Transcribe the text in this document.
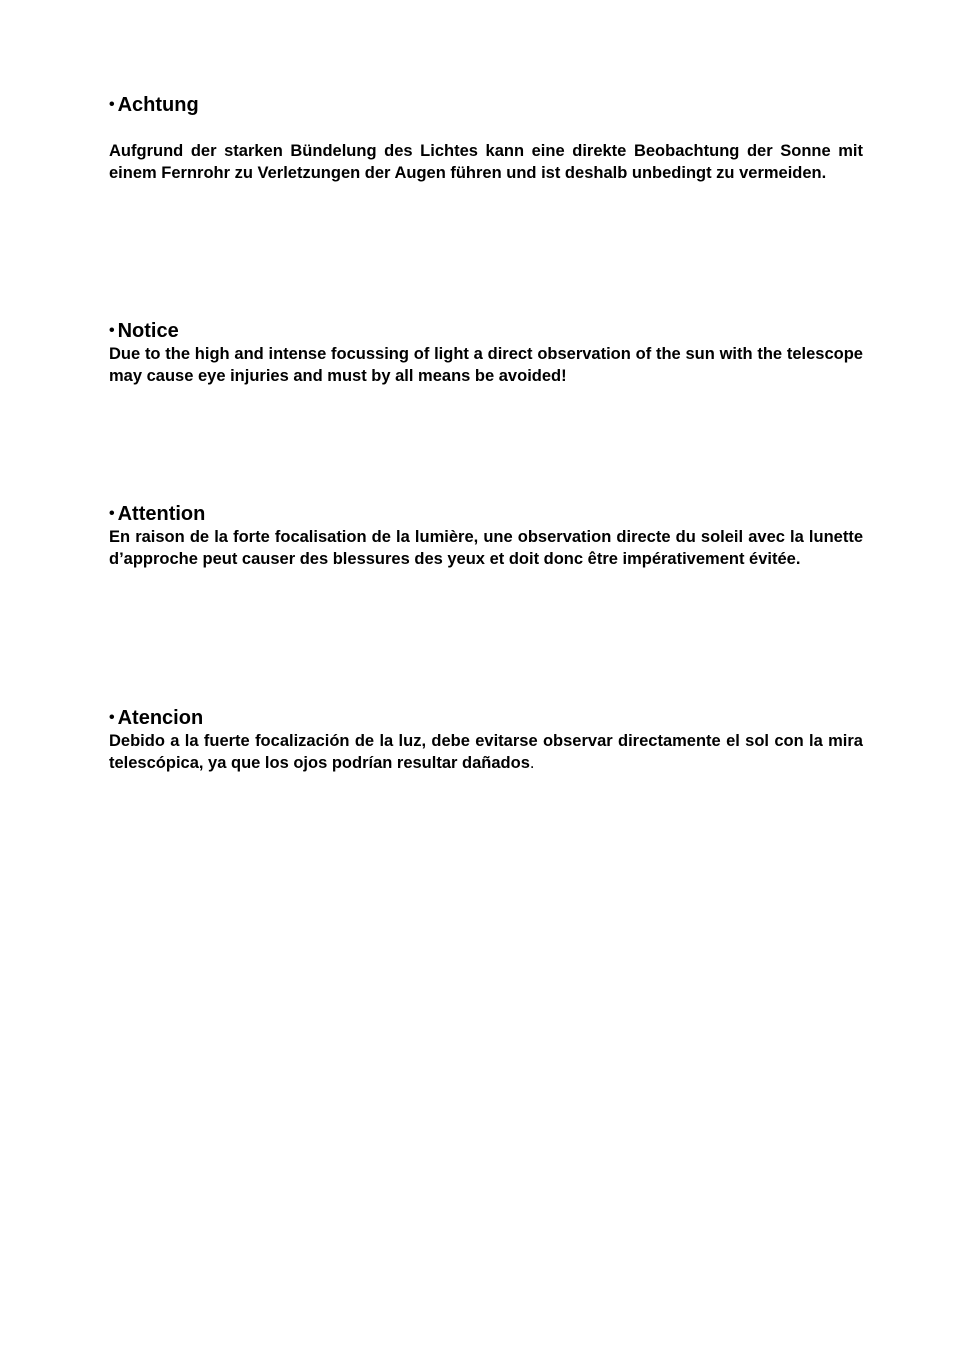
• Achtung

Aufgrund der starken Bündelung des Lichtes kann eine direkte Beobachtung der Sonne mit einem Fernrohr zu Verletzungen der Augen führen und ist deshalb unbedingt zu vermeiden.

• Notice

Due to the high and intense focussing of light a direct observation of the sun with the telescope may cause eye injuries and must by all means be avoided!

• Attention

En raison de la forte focalisation de la lumière, une observation directe du soleil avec la lunette d’approche peut causer des blessures des yeux et doit donc être impérativement évitée.

• Atencion

Debido a la fuerte focalización de la luz, debe evitarse observar directamente el sol con la mira telescópica, ya que los ojos podrían resultar dañados.
